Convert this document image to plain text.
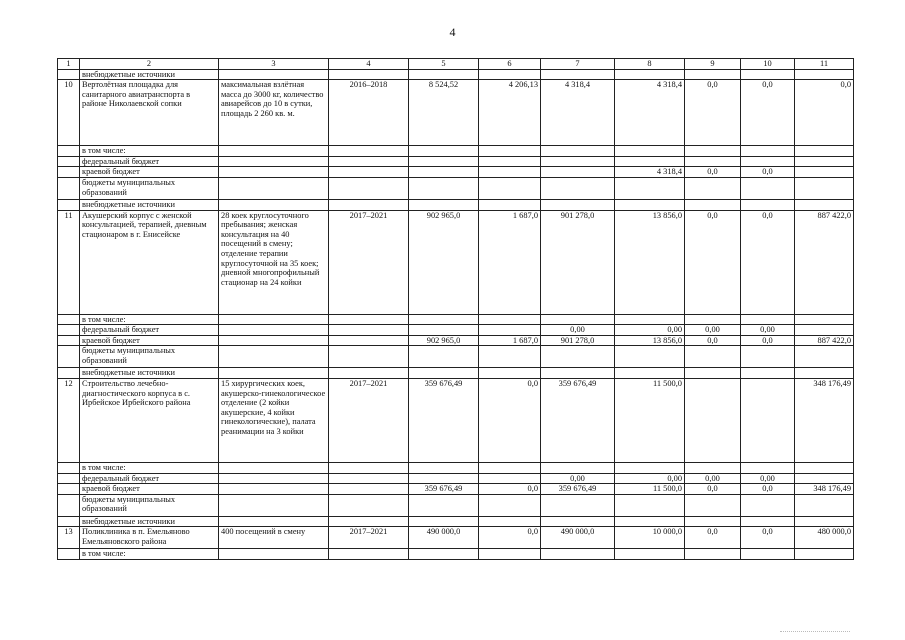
4
1	2	3	4	5	6	7	8	9	10	11
	внебюджетные источники									
10	Вертолётная площадка для санитарного авиатранспорта в районе Николаевской сопки	максимальная взлётная масса до 3000 кг, количество авиарейсов до 10 в сутки, площадь 2 260 кв. м.	2016–2018	8 524,52	4 206,13	4 318,4	4 318,4	0,0	0,0	0,0
	в том числе:									
	федеральный бюджет									
	краевой бюджет						4 318,4	0,0	0,0	
	бюджеты муниципальных образований									
	внебюджетные источники									
11	Акушерский корпус с женской консультацией, терапией, дневным стационаром в г. Енисейске	28 коек круглосуточного пребывания; женская консультация на 40 посещений в смену; отделение терапии круглосуточной на 35 коек; дневной многопрофильный стационар на 24 койки	2017–2021	902 965,0	1 687,0	901 278,0	13 856,0	0,0	0,0	887 422,0
	в том числе:									
	федеральный бюджет					0,00	0,00	0,00	0,00	
	краевой бюджет			902 965,0	1 687,0	901 278,0	13 856,0	0,0	0,0	887 422,0
	бюджеты муниципальных образований									
	внебюджетные источники									
12	Строительство лечебно-диагностического корпуса в с. Ирбейское Ирбейского района	15 хирургических коек, акушерско-гинекологическое отделение (2 койки акушерские, 4 койки гинекологические), палата реанимации на 3 койки	2017–2021	359 676,49	0,0	359 676,49	11 500,0			348 176,49
	в том числе:									
	федеральный бюджет					0,00	0,00	0,00	0,00	
	краевой бюджет			359 676,49	0,0	359 676,49	11 500,0	0,0	0,0	348 176,49
	бюджеты муниципальных образований									
	внебюджетные источники									
13	Поликлиника в п. Емельяново Емельяновского района	400 посещений в смену	2017–2021	490 000,0	0,0	490 000,0	10 000,0	0,0	0,0	480 000,0
	в том числе:									
